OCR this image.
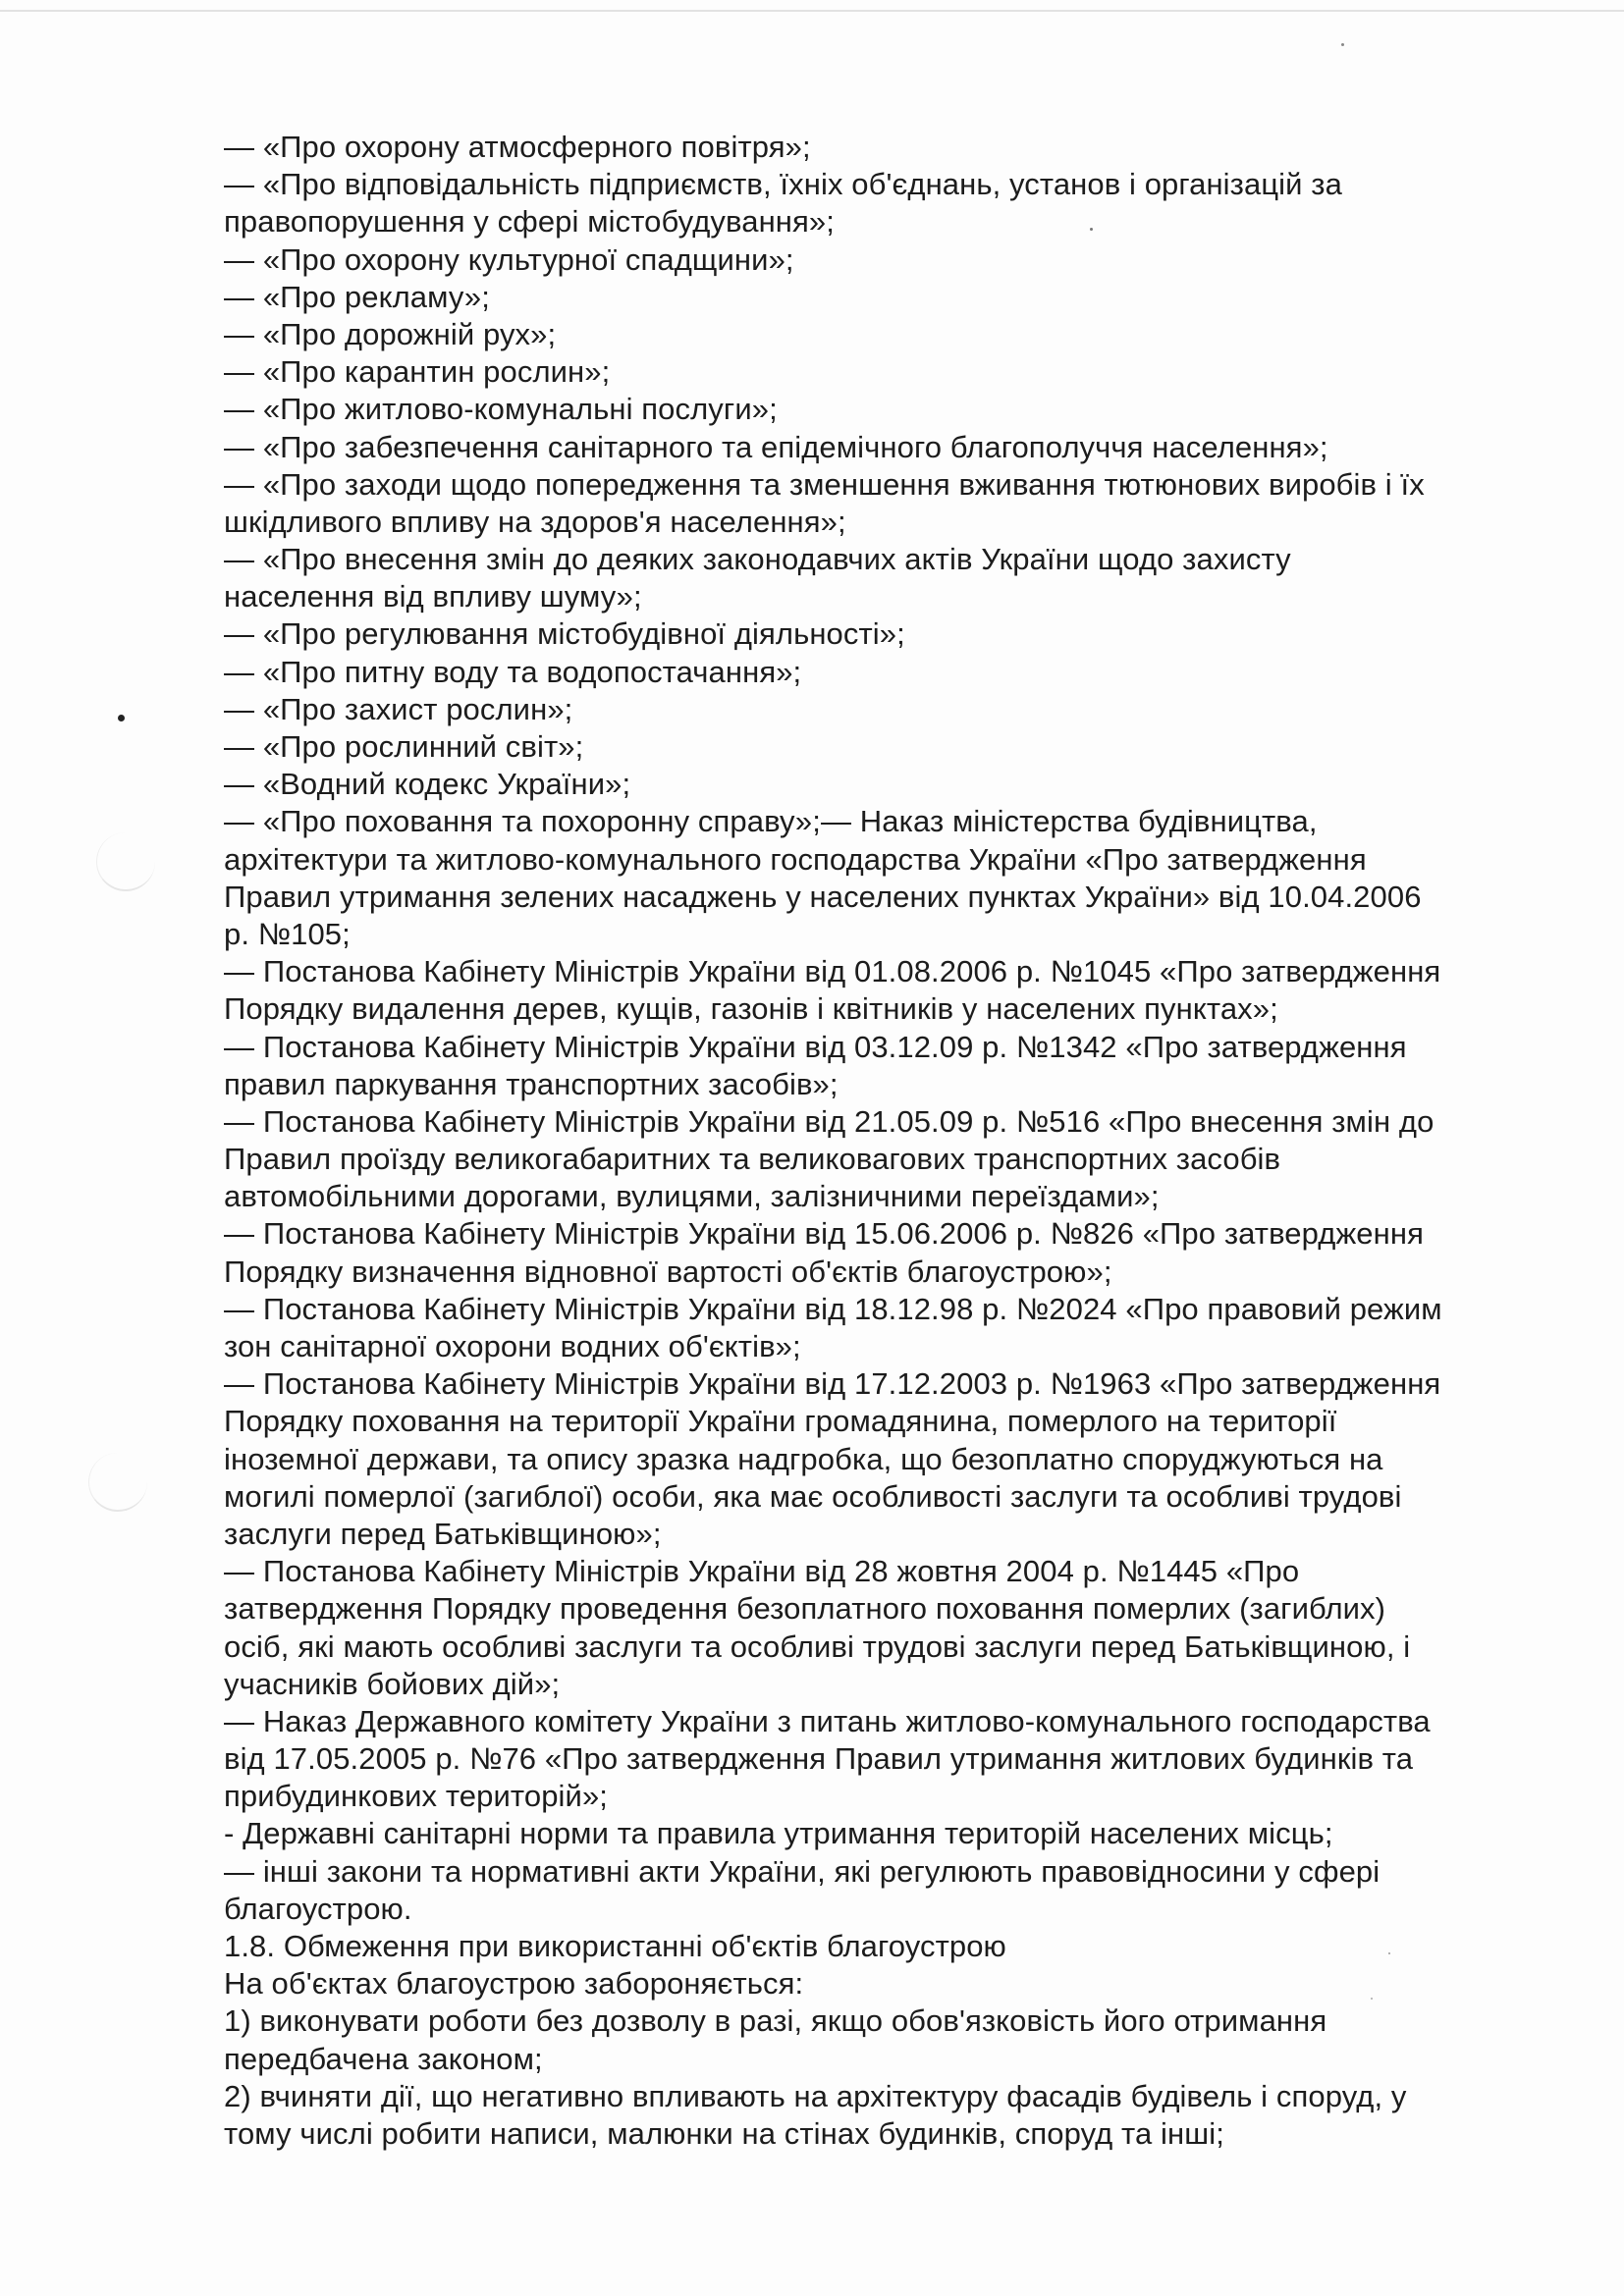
— «Про охорону атмосферного повітря»;
— «Про відповідальність підприємств, їхніх об'єднань, установ і організацій за
правопорушення у сфері містобудування»;
— «Про охорону культурної спадщини»;
— «Про рекламу»;
— «Про дорожній рух»;
— «Про карантин рослин»;
— «Про житлово-комунальні послуги»;
— «Про забезпечення санітарного та епідемічного благополуччя населення»;
— «Про заходи щодо попередження та зменшення вживання тютюнових виробів і їх
шкідливого впливу на здоров'я населення»;
— «Про внесення змін до деяких законодавчих актів України щодо захисту
населення від впливу шуму»;
— «Про регулювання містобудівної діяльності»;
— «Про питну воду та водопостачання»;
— «Про захист рослин»;
— «Про рослинний світ»;
— «Водний кодекс України»;
— «Про поховання та похоронну справу»;— Наказ міністерства будівництва,
архітектури та житлово-комунального господарства України «Про затвердження
Правил утримання зелених насаджень у населених пунктах України» від 10.04.2006
р. №105;
— Постанова Кабінету Міністрів України від 01.08.2006 р. №1045 «Про затвердження
Порядку видалення дерев, кущів, газонів і квітників у населених пунктах»;
— Постанова Кабінету Міністрів України від 03.12.09 р. №1342 «Про затвердження
правил паркування транспортних засобів»;
— Постанова Кабінету Міністрів України від 21.05.09 р. №516 «Про внесення змін до
Правил проїзду великогабаритних та великовагових транспортних засобів
автомобільними дорогами, вулицями, залізничними переїздами»;
— Постанова Кабінету Міністрів України від 15.06.2006 р. №826 «Про затвердження
Порядку визначення відновної вартості об'єктів благоустрою»;
— Постанова Кабінету Міністрів України від 18.12.98 р. №2024 «Про правовий режим
зон санітарної охорони водних об'єктів»;
— Постанова Кабінету Міністрів України від 17.12.2003 р. №1963 «Про затвердження
Порядку поховання на території України громадянина, померлого на території
іноземної держави, та опису зразка надгробка, що безоплатно споруджуються на
могилі померлої (загиблої) особи, яка має особливості заслуги та особливі трудові
заслуги перед Батьківщиною»;
— Постанова Кабінету Міністрів України від 28 жовтня 2004 р. №1445 «Про
затвердження Порядку проведення безоплатного поховання померлих (загиблих)
осіб, які мають особливі заслуги та особливі трудові заслуги перед Батьківщиною, і
учасників бойових дій»;
— Наказ Державного комітету України з питань житлово-комунального господарства
від 17.05.2005 р. №76 «Про затвердження Правил утримання житлових будинків та
прибудинкових територій»;
- Державні санітарні норми та правила утримання територій населених місць;
— інші закони та нормативні акти України, які регулюють правовідносини у сфері
благоустрою.
1.8. Обмеження при використанні об'єктів благоустрою
На об'єктах благоустрою забороняється:
1) виконувати роботи без дозволу в разі, якщо обов'язковість його отримання
передбачена законом;
2) вчиняти дії, що негативно впливають на архітектуру фасадів будівель і споруд, у
тому числі робити написи, малюнки на стінах будинків, споруд та інші;
